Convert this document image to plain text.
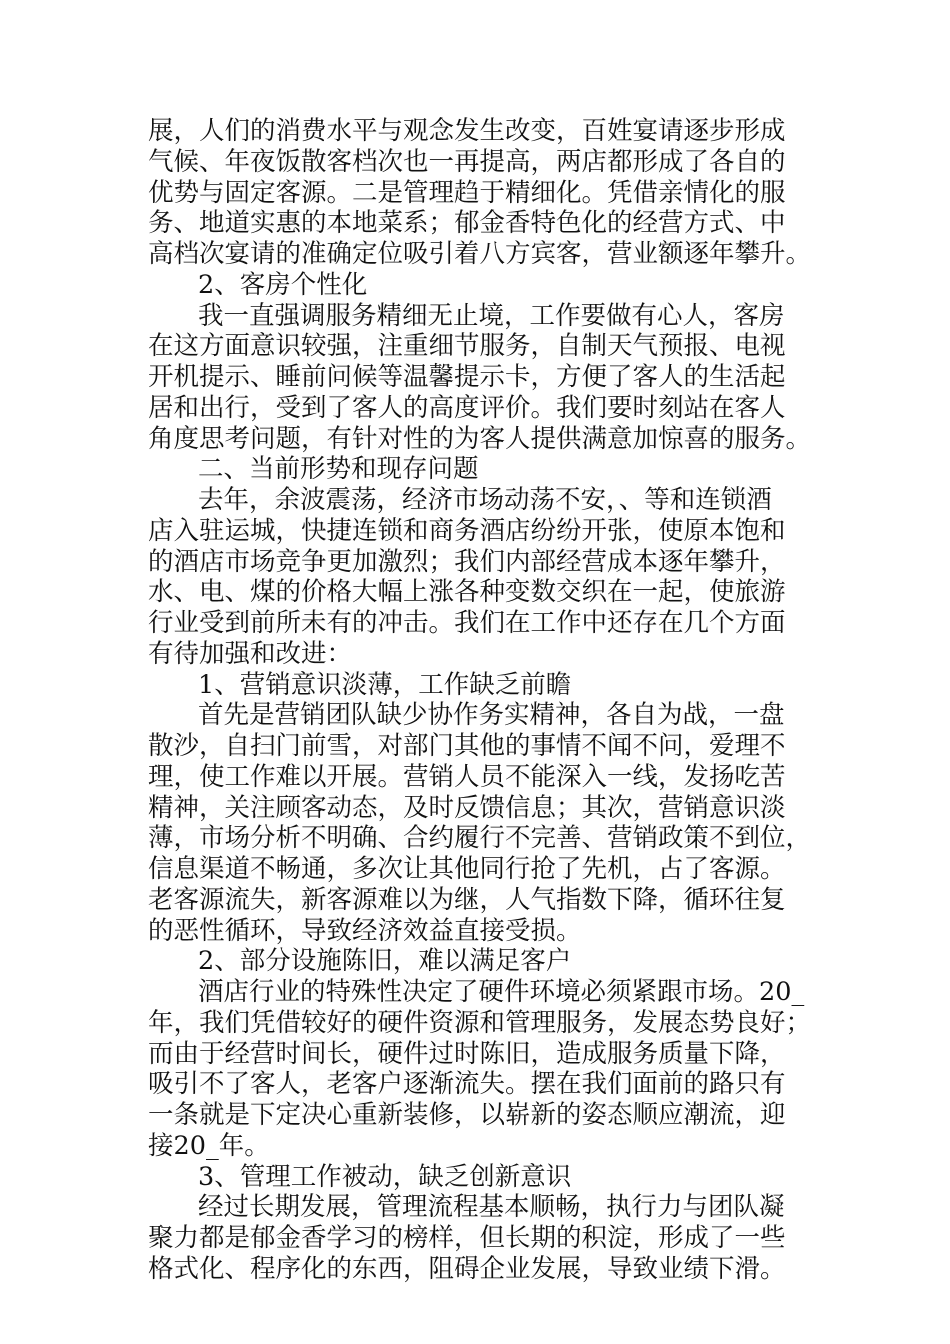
展，人们的消费水平与观念发生改变，百姓宴请逐步形成
气候、年夜饭散客档次也一再提高，两店都形成了各自的
优势与固定客源。二是管理趋于精细化。凭借亲情化的服
务、地道实惠的本地菜系；郁金香特色化的经营方式、中
高档次宴请的准确定位吸引着八方宾客，营业额逐年攀升。
2、客房个性化
我一直强调服务精细无止境，工作要做有心人，客房
在这方面意识较强，注重细节服务，自制天气预报、电视
开机提示、睡前问候等温馨提示卡，方便了客人的生活起
居和出行，受到了客人的高度评价。我们要时刻站在客人
角度思考问题，有针对性的为客人提供满意加惊喜的服务。
二、当前形势和现存问题
去年，余波震荡，经济市场动荡不安，、等和连锁酒
店入驻运城，快捷连锁和商务酒店纷纷开张，使原本饱和
的酒店市场竞争更加激烈；我们内部经营成本逐年攀升，
水、电、煤的价格大幅上涨各种变数交织在一起，使旅游
行业受到前所未有的冲击。我们在工作中还存在几个方面
有待加强和改进：
1、营销意识淡薄，工作缺乏前瞻
首先是营销团队缺少协作务实精神，各自为战，一盘
散沙，自扫门前雪，对部门其他的事情不闻不问，爱理不
理，使工作难以开展。营销人员不能深入一线，发扬吃苦
精神，关注顾客动态，及时反馈信息；其次，营销意识淡
薄，市场分析不明确、合约履行不完善、营销政策不到位，
信息渠道不畅通，多次让其他同行抢了先机，占了客源。
老客源流失，新客源难以为继，人气指数下降，循环往复
的恶性循环，导致经济效益直接受损。
2、部分设施陈旧，难以满足客户
酒店行业的特殊性决定了硬件环境必须紧跟市场。20_
年，我们凭借较好的硬件资源和管理服务，发展态势良好；
而由于经营时间长，硬件过时陈旧，造成服务质量下降，
吸引不了客人，老客户逐渐流失。摆在我们面前的路只有
一条就是下定决心重新装修，以崭新的姿态顺应潮流，迎
接20_年。
3、管理工作被动，缺乏创新意识
经过长期发展，管理流程基本顺畅，执行力与团队凝
聚力都是郁金香学习的榜样，但长期的积淀，形成了一些
格式化、程序化的东西，阻碍企业发展，导致业绩下滑。
